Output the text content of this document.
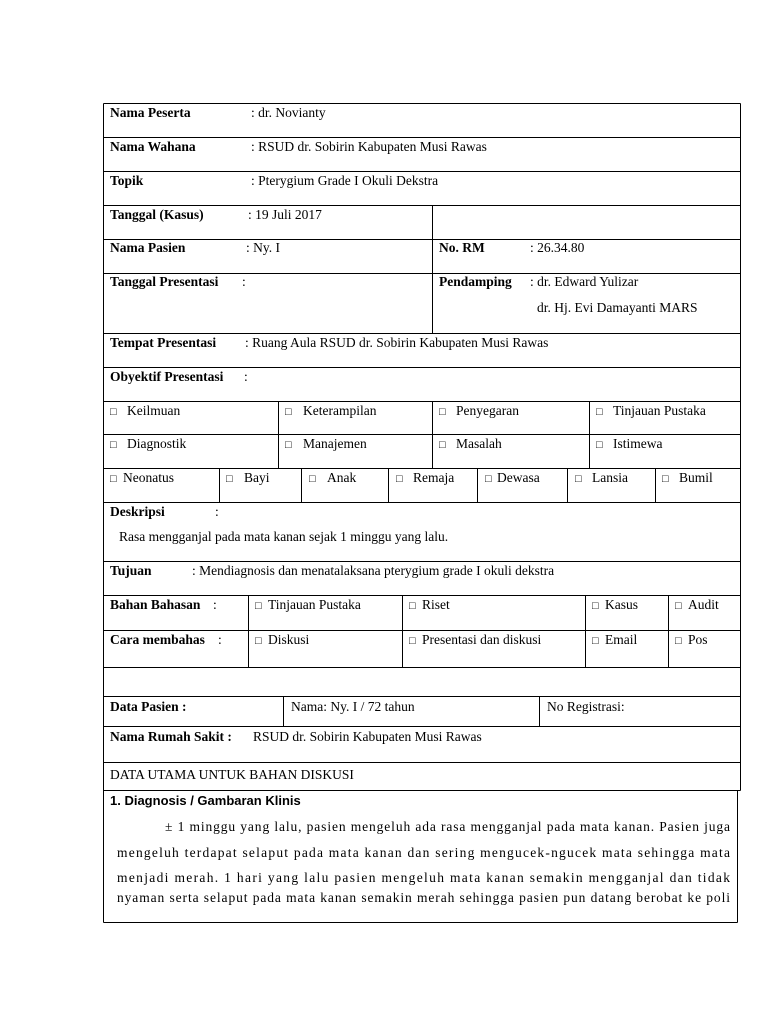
Nama Peserta	: dr. Novianty
Nama Wahana	: RSUD dr. Sobirin Kabupaten Musi Rawas
Topik	: Pterygium Grade I Okuli Dekstra
Tanggal (Kasus)	: 19 Juli 2017
Nama Pasien	: Ny. I	No. RM	: 26.34.80
Tanggal Presentasi :	Pendamping : dr. Edward Yulizar
dr. Hj. Evi Damayanti MARS
Tempat Presentasi : Ruang Aula RSUD dr. Sobirin Kabupaten Musi Rawas
Obyektif Presentasi :
□ Keilmuan	□ Keterampilan	□ Penyegaran	□ Tinjauan Pustaka
□ Diagnostik	□ Manajemen	□ Masalah	□ Istimewa
□ Neonatus	□ Bayi	□ Anak	□ Remaja	□ Dewasa	□ Lansia	□ Bumil
Deskripsi	:
Rasa mengganjal pada mata kanan sejak 1 minggu yang lalu.
Tujuan	: Mendiagnosis dan menatalaksana pterygium grade I okuli dekstra
Bahan Bahasan :	□ Tinjauan Pustaka	□ Riset	□ Kasus	□ Audit
Cara membahas :	□ Diskusi	□ Presentasi dan diskusi	□ Email	□ Pos
Data Pasien :	Nama: Ny. I / 72 tahun	No Registrasi:
Nama Rumah Sakit : RSUD dr. Sobirin Kabupaten Musi Rawas
DATA UTAMA UNTUK BAHAN DISKUSI
1. Diagnosis / Gambaran Klinis
± 1 minggu yang lalu, pasien mengeluh ada rasa mengganjal pada mata kanan. Pasien juga
mengeluh terdapat selaput pada mata kanan dan sering mengucek-ngucek mata sehingga mata
menjadi merah. 1 hari yang lalu pasien mengeluh mata kanan semakin mengganjal dan tidak
nyaman serta selaput pada mata kanan semakin merah sehingga pasien pun datang berobat ke poli
